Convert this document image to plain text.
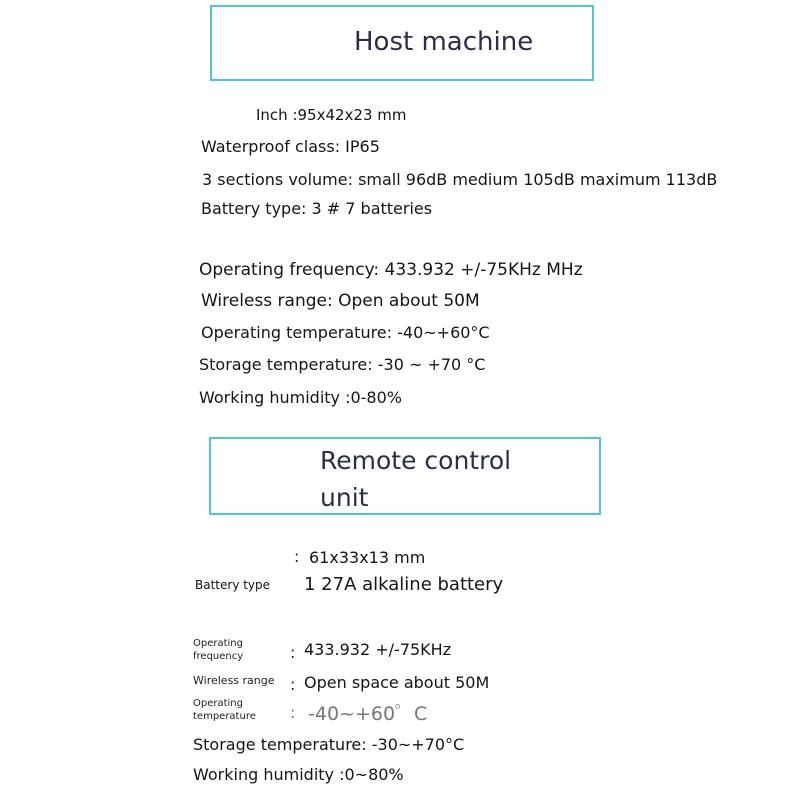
Host machine
Inch :95x42x23 mm
Waterproof class: IP65
3 sections volume: small 96dB medium 105dB maximum 113dB
Battery type: 3 # 7 batteries
Operating frequency: 433.932 +/-75KHz MHz
Wireless range: Open about 50M
Operating temperature: -40~+60°C
Storage temperature: -30 ~ +70 °C
Working humidity :0-80%
Remote control
unit
: 61x33x13 mm
Battery type 1 27A alkaline battery
Operating
frequency	: 433.932 +/-75KHz
Wireless range : Open space about 50M
Operating
temperature : -40~+60゜C
Storage temperature: -30~+70°C
Working humidity :0~80%
